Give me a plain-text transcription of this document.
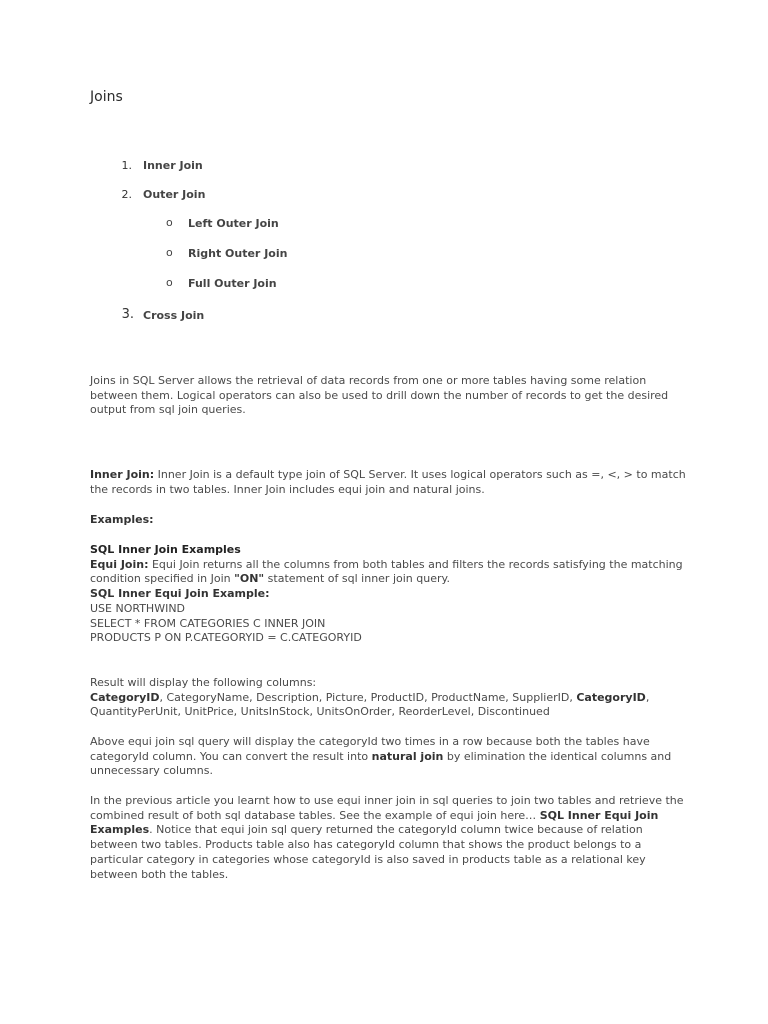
Joins
1. Inner Join
2. Outer Join
o Left Outer Join
o Right Outer Join
o Full Outer Join
3. Cross Join

Joins in SQL Server allows the retrieval of data records from one or more tables having some relation between them. Logical operators can also be used to drill down the number of records to get the desired output from sql join queries.

Inner Join: Inner Join is a default type join of SQL Server. It uses logical operators such as =, <, > to match the records in two tables. Inner Join includes equi join and natural joins.

Examples:

SQL Inner Join Examples
Equi Join: Equi Join returns all the columns from both tables and filters the records satisfying the matching condition specified in Join "ON" statement of sql inner join query.
SQL Inner Equi Join Example:
USE NORTHWIND
SELECT * FROM CATEGORIES C INNER JOIN
PRODUCTS P ON P.CATEGORYID = C.CATEGORYID

Result will display the following columns:
CategoryID, CategoryName, Description, Picture, ProductID, ProductName, SupplierID, CategoryID, QuantityPerUnit, UnitPrice, UnitsInStock, UnitsOnOrder, ReorderLevel, Discontinued

Above equi join sql query will display the categoryId two times in a row because both the tables have categoryId column. You can convert the result into natural join by elimination the identical columns and unnecessary columns.

In the previous article you learnt how to use equi inner join in sql queries to join two tables and retrieve the combined result of both sql database tables. See the example of equi join here… SQL Inner Equi Join Examples. Notice that equi join sql query returned the categoryId column twice because of relation between two tables. Products table also has categoryId column that shows the product belongs to a particular category in categories whose categoryId is also saved in products table as a relational key between both the tables.
